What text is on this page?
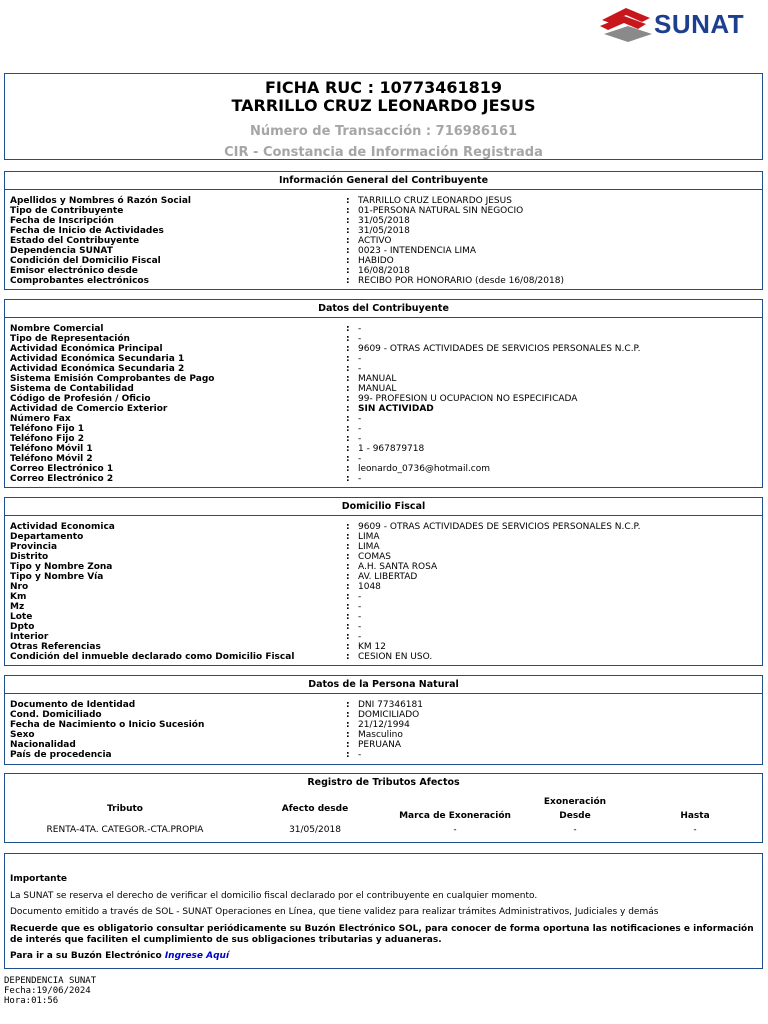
SUNAT
FICHA RUC : 10773461819
TARRILLO CRUZ LEONARDO JESUS
Número de Transacción : 716986161
CIR - Constancia de Información Registrada
Información General del Contribuyente
Apellidos y Nombres ó Razón Social	: TARRILLO CRUZ LEONARDO JESUS
Tipo de Contribuyente	: 01-PERSONA NATURAL SIN NEGOCIO
Fecha de Inscripción	: 31/05/2018
Fecha de Inicio de Actividades	: 31/05/2018
Estado del Contribuyente	: ACTIVO
Dependencia SUNAT	: 0023 - INTENDENCIA LIMA
Condición del Domicilio Fiscal	: HABIDO
Emisor electrónico desde	: 16/08/2018
Comprobantes electrónicos	: RECIBO POR HONORARIO (desde 16/08/2018)
Datos del Contribuyente
Nombre Comercial	: -
Tipo de Representación	: -
Actividad Económica Principal	: 9609 - OTRAS ACTIVIDADES DE SERVICIOS PERSONALES N.C.P.
Actividad Económica Secundaria 1	: -
Actividad Económica Secundaria 2	: -
Sistema Emisión Comprobantes de Pago	: MANUAL
Sistema de Contabilidad	: MANUAL
Código de Profesión / Oficio	: 99- PROFESION U OCUPACION NO ESPECIFICADA
Actividad de Comercio Exterior	: SIN ACTIVIDAD
Número Fax	: -
Teléfono Fijo 1	: -
Teléfono Fijo 2	: -
Teléfono Móvil 1	: 1 - 967879718
Teléfono Móvil 2	: -
Correo Electrónico 1	: leonardo_0736@hotmail.com
Correo Electrónico 2	: -
Domicilio Fiscal
Actividad Economica	: 9609 - OTRAS ACTIVIDADES DE SERVICIOS PERSONALES N.C.P.
Departamento	: LIMA
Provincia	: LIMA
Distrito	: COMAS
Tipo y Nombre Zona	: A.H. SANTA ROSA
Tipo y Nombre Vía	: AV. LIBERTAD
Nro	: 1048
Km	: -
Mz	: -
Lote	: -
Dpto	: -
Interior	: -
Otras Referencias	: KM 12
Condición del inmueble declarado como Domicilio Fiscal	: CESION EN USO.
Datos de la Persona Natural
Documento de Identidad	: DNI 77346181
Cond. Domiciliado	: DOMICILIADO
Fecha de Nacimiento o Inicio Sucesión	: 21/12/1994
Sexo	: Masculino
Nacionalidad	: PERUANA
País de procedencia	: -
Registro de Tributos Afectos
Tributo	Afecto desde
Exoneración
Marca de Exoneración	Desde	Hasta
RENTA-4TA. CATEGOR.-CTA.PROPIA	31/05/2018	-	-	-

Importante

La SUNAT se reserva el derecho de verificar el domicilio fiscal declarado por el contribuyente en cualquier momento.

Documento emitido a través de SOL - SUNAT Operaciones en Línea, que tiene validez para realizar trámites Administrativos, Judiciales y demás

Recuerde que es obligatorio consultar periódicamente su Buzón Electrónico SOL, para conocer de forma oportuna las notificaciones e información de interés que faciliten el cumplimiento de sus obligaciones tributarias y aduaneras.

Para ir a su Buzón Electrónico Ingrese Aquí

DEPENDENCIA SUNAT
Fecha:19/06/2024
Hora:01:56
